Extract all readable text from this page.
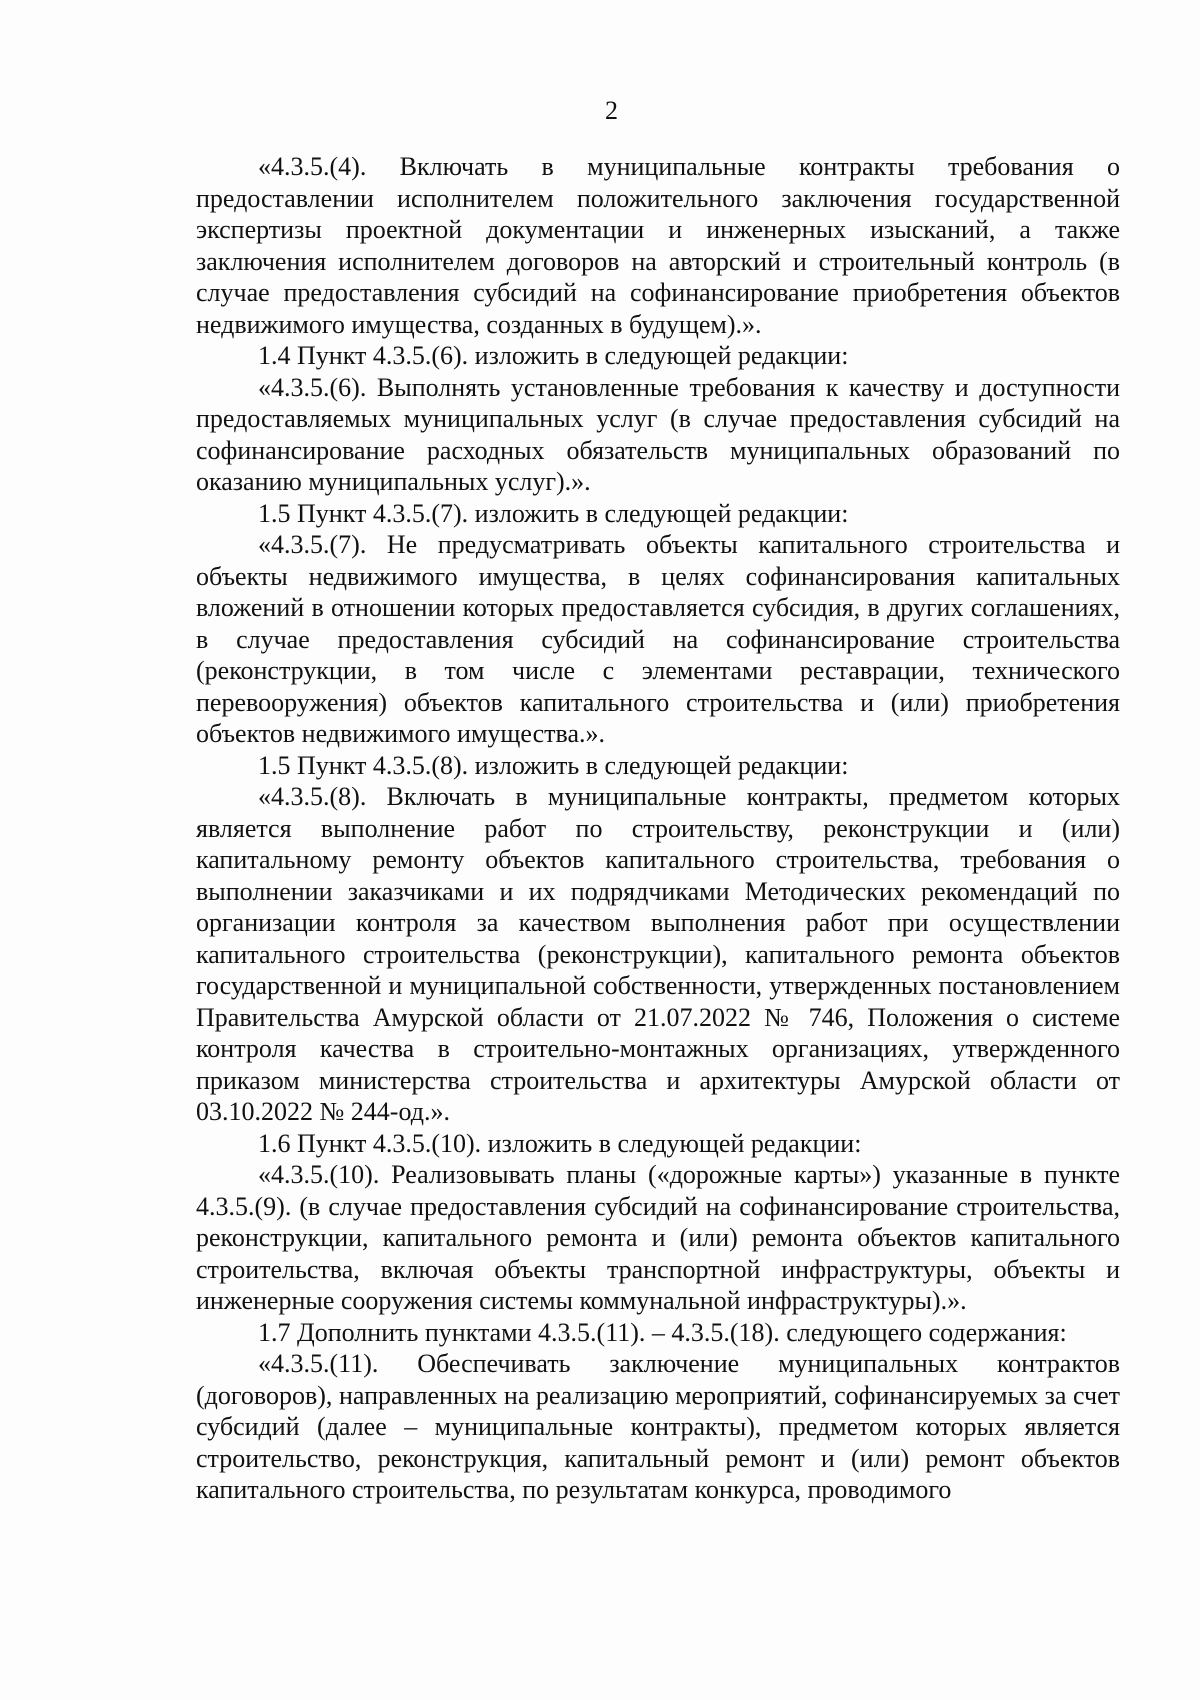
2

«4.3.5.(4). Включать в муниципальные контракты требования о предоставлении исполнителем положительного заключения государственной экспертизы проектной документации и инженерных изысканий, а также заключения исполнителем договоров на авторский и строительный контроль (в случае предоставления субсидий на софинансирование приобретения объектов недвижимого имущества, созданных в будущем).».

1.4 Пункт 4.3.5.(6). изложить в следующей редакции:

«4.3.5.(6). Выполнять установленные требования к качеству и доступности предоставляемых муниципальных услуг (в случае предоставления субсидий на софинансирование расходных обязательств муниципальных образований по оказанию муниципальных услуг).».

1.5 Пункт 4.3.5.(7). изложить в следующей редакции:

«4.3.5.(7). Не предусматривать объекты капитального строительства и объекты недвижимого имущества, в целях софинансирования капитальных вложений в отношении которых предоставляется субсидия, в других соглашениях, в случае предоставления субсидий на софинансирование строительства (реконструкции, в том числе с элементами реставрации, технического перевооружения) объектов капитального строительства и (или) приобретения объектов недвижимого имущества.».

1.5 Пункт 4.3.5.(8). изложить в следующей редакции:

«4.3.5.(8). Включать в муниципальные контракты, предметом которых является выполнение работ по строительству, реконструкции и (или) капитальному ремонту объектов капитального строительства, требования о выполнении заказчиками и их подрядчиками Методических рекомендаций по организации контроля за качеством выполнения работ при осуществлении капитального строительства (реконструкции), капитального ремонта объектов государственной и муниципальной собственности, утвержденных постановлением Правительства Амурской области от 21.07.2022 № 746, Положения о системе контроля качества в строительно-монтажных организациях, утвержденного приказом министерства строительства и архитектуры Амурской области от 03.10.2022 № 244-од.».

1.6 Пункт 4.3.5.(10). изложить в следующей редакции:

«4.3.5.(10). Реализовывать планы («дорожные карты») указанные в пункте 4.3.5.(9). (в случае предоставления субсидий на софинансирование строительства, реконструкции, капитального ремонта и (или) ремонта объектов капитального строительства, включая объекты транспортной инфраструктуры, объекты и инженерные сооружения системы коммунальной инфраструктуры).».

1.7 Дополнить пунктами 4.3.5.(11). – 4.3.5.(18). следующего содержания:

«4.3.5.(11). Обеспечивать заключение муниципальных контрактов (договоров), направленных на реализацию мероприятий, софинансируемых за счет субсидий (далее – муниципальные контракты), предметом которых является строительство, реконструкция, капитальный ремонт и (или) ремонт объектов капитального строительства, по результатам конкурса, проводимого
